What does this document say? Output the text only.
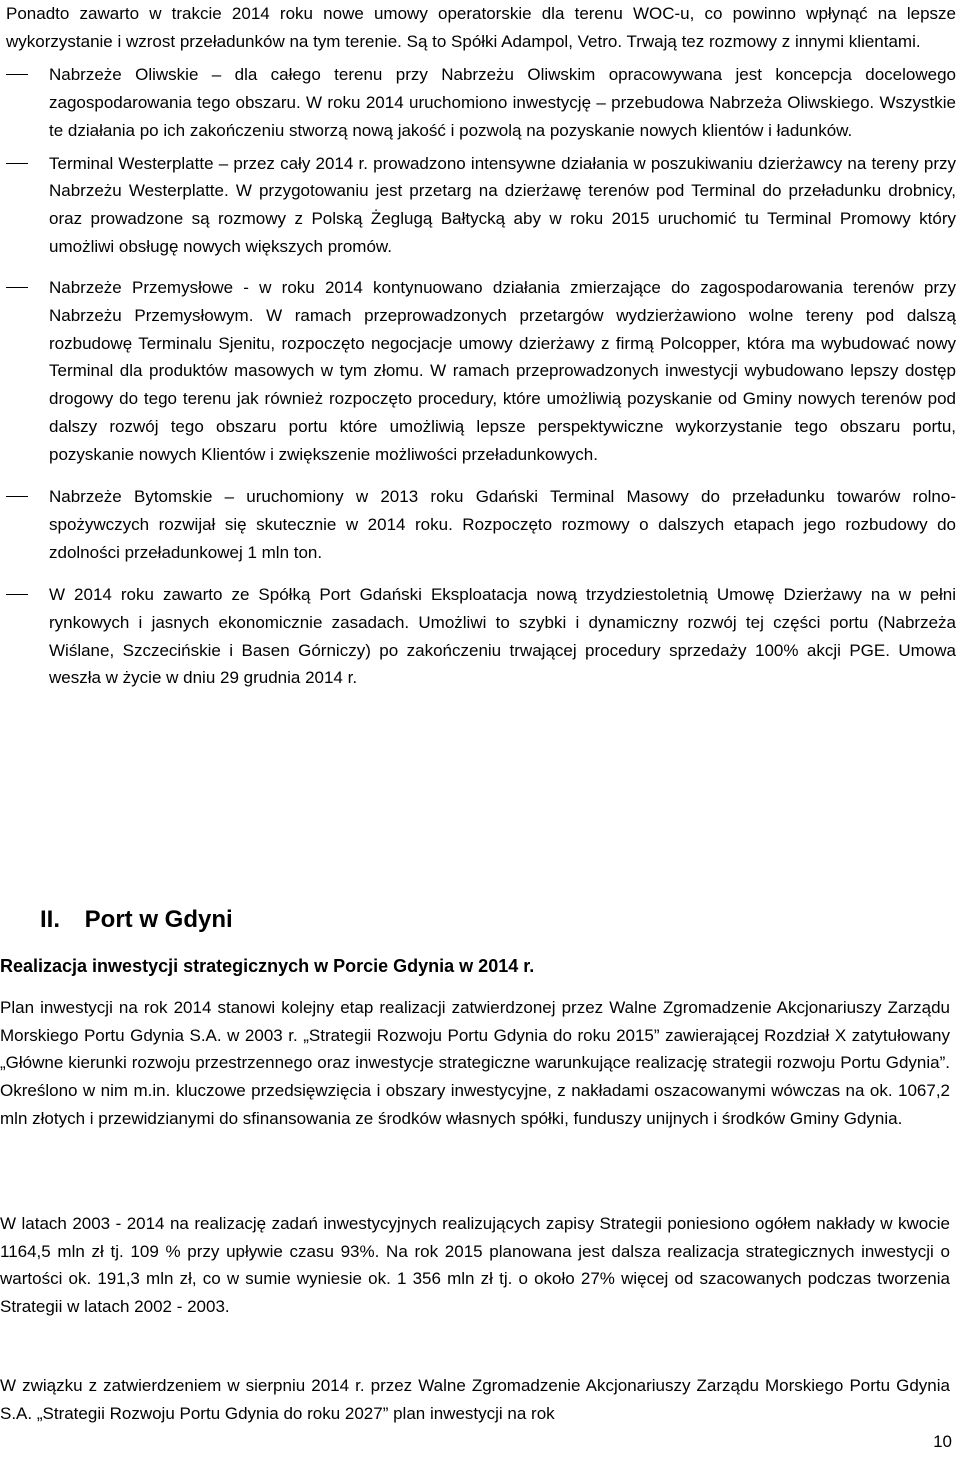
Ponadto zawarto w trakcie 2014 roku nowe umowy operatorskie dla terenu WOC-u, co powinno wpłynąć na lepsze wykorzystanie i wzrost przeładunków na tym terenie. Są to Spółki Adampol, Vetro. Trwają tez rozmowy z innymi klientami.

Nabrzeże Oliwskie – dla całego terenu przy Nabrzeżu Oliwskim opracowywana jest koncepcja docelowego zagospodarowania tego obszaru. W roku 2014 uruchomiono inwestycję – przebudowa Nabrzeża Oliwskiego. Wszystkie te działania po ich zakończeniu stworzą nową jakość i pozwolą na pozyskanie nowych klientów i ładunków.

Terminal Westerplatte – przez cały 2014 r. prowadzono intensywne działania w poszukiwaniu dzierżawcy na tereny przy Nabrzeżu Westerplatte. W przygotowaniu jest przetarg na dzierżawę terenów pod Terminal do przeładunku drobnicy, oraz prowadzone są rozmowy z Polską Żeglugą Bałtycką aby w roku 2015 uruchomić tu Terminal Promowy który umożliwi obsługę nowych większych promów.

Nabrzeże Przemysłowe - w roku 2014 kontynuowano działania zmierzające do zagospodarowania terenów przy Nabrzeżu Przemysłowym. W ramach przeprowadzonych przetargów wydzierżawiono wolne tereny pod dalszą rozbudowę Terminalu Sjenitu, rozpoczęto negocjacje umowy dzierżawy z firmą Polcopper, która ma wybudować nowy Terminal dla produktów masowych w tym złomu. W ramach przeprowadzonych inwestycji wybudowano lepszy dostęp drogowy do tego terenu jak również rozpoczęto procedury, które umożliwią pozyskanie od Gminy nowych terenów pod dalszy rozwój tego obszaru portu które umożliwią lepsze perspektywiczne wykorzystanie tego obszaru portu, pozyskanie nowych Klientów i zwiększenie możliwości przeładunkowych.

Nabrzeże Bytomskie – uruchomiony w 2013 roku Gdański Terminal Masowy do przeładunku towarów rolno-spożywczych rozwijał się skutecznie w 2014 roku. Rozpoczęto rozmowy o dalszych etapach jego rozbudowy do zdolności przeładunkowej 1 mln ton.

W 2014 roku zawarto ze Spółką Port Gdański Eksploatacja nową trzydziestoletnią Umowę Dzierżawy na w pełni rynkowych i jasnych ekonomicznie zasadach. Umożliwi to szybki i dynamiczny rozwój tej części portu (Nabrzeża Wiślane, Szczecińskie i Basen Górniczy) po zakończeniu trwającej procedury sprzedaży 100% akcji PGE. Umowa weszła w życie w dniu 29 grudnia 2014 r.

II. Port w Gdyni
Realizacja inwestycji strategicznych w Porcie Gdynia w 2014 r.

Plan inwestycji na rok 2014 stanowi kolejny etap realizacji zatwierdzonej przez Walne Zgromadzenie Akcjonariuszy Zarządu Morskiego Portu Gdynia S.A. w 2003 r. „Strategii Rozwoju Portu Gdynia do roku 2015” zawierającej Rozdział X zatytułowany „Główne kierunki rozwoju przestrzennego oraz inwestycje strategiczne warunkujące realizację strategii rozwoju Portu Gdynia”. Określono w nim m.in. kluczowe przedsięwzięcia i obszary inwestycyjne, z nakładami oszacowanymi wówczas na ok. 1067,2 mln złotych i przewidzianymi do sfinansowania ze środków własnych spółki, funduszy unijnych i środków Gminy Gdynia.

W latach 2003 - 2014 na realizację zadań inwestycyjnych realizujących zapisy Strategii poniesiono ogółem nakłady w kwocie 1164,5 mln zł tj. 109 % przy upływie czasu 93%. Na rok 2015 planowana jest dalsza realizacja strategicznych inwestycji o wartości ok. 191,3 mln zł, co w sumie wyniesie ok. 1 356 mln zł tj. o około 27% więcej od szacowanych podczas tworzenia Strategii w latach 2002 - 2003.

W związku z zatwierdzeniem w sierpniu 2014 r. przez Walne Zgromadzenie Akcjonariuszy Zarządu Morskiego Portu Gdynia S.A. „Strategii Rozwoju Portu Gdynia do roku 2027” plan inwestycji na rok

10
